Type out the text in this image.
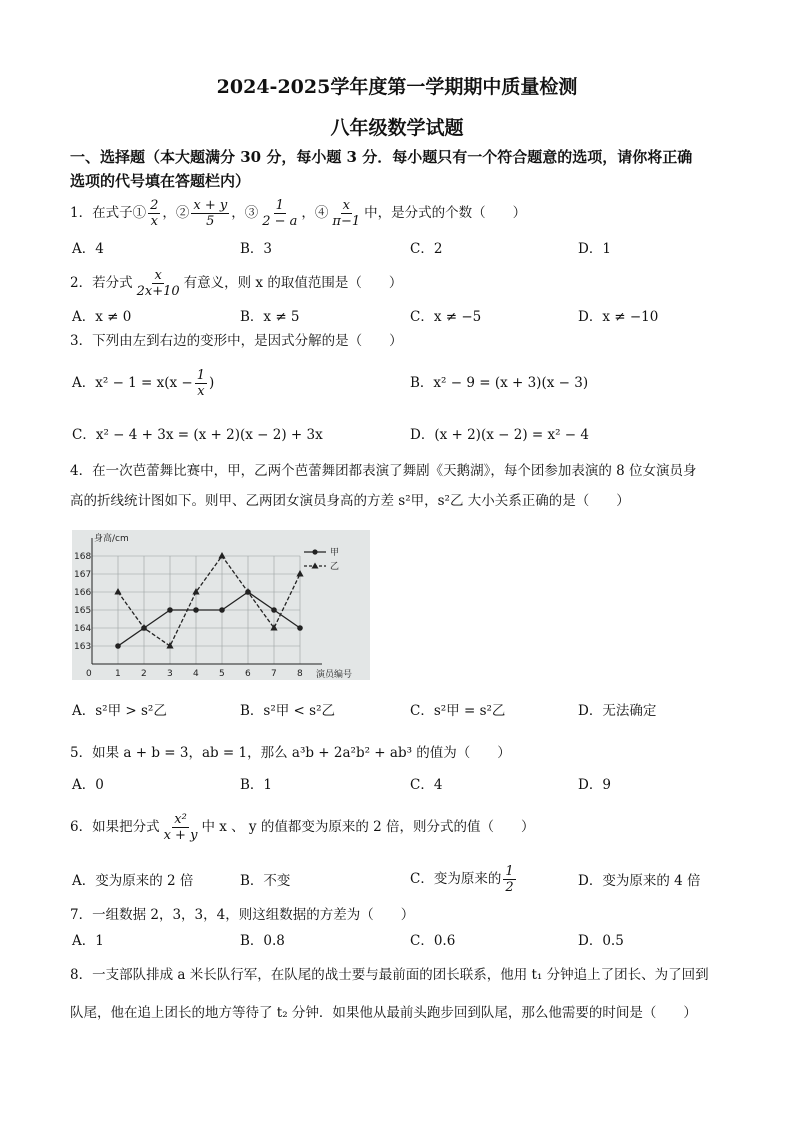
2024-2025学年度第一学期期中质量检测
八年级数学试题
一、选择题（本大题满分 30 分，每小题 3 分．每小题只有一个符合题意的选项，请你将正确
选项的代号填在答题栏内）
1．在式子① $\frac{2}{x}$ ，② $\frac{x + y}{5}$ ，③ $\frac{1}{2 - a}$ ，④ $\frac{x}{\pi-1}$ 中，是分式的个数（　　）
A．4	B．3	C．2	D．1
2．若分式 $\frac{x}{2x+10}$ 有意义，则 x 的取值范围是（　　）
A．x ≠ 0	B．x ≠ 5	C．x ≠ −5	D．x ≠ −10
3．下列由左到右边的变形中，是因式分解的是（　　）
A．$x^2 - 1 = x(x - \frac{1}{x}$ )	B．x² − 9 = (x + 3)(x − 3)
C．x² − 4 + 3x = (x + 2)(x − 2) + 3x	D．(x + 2)(x − 2) = x² − 4
4．在一次芭蕾舞比赛中，甲，乙两个芭蕾舞团都表演了舞剧《天鹅湖》，每个团参加表演的 8 位女演员身
高的折线统计图如下。则甲、乙两团女演员身高的方差 s²甲，s²乙 大小关系正确的是（　　）
163
164
165
166
167
168
0	1 2 3 4 5 6 7 8
身高/cm
演员编号
甲
乙
A．s²甲 > s²乙	B．s²甲 < s²乙	C．s²甲 = s²乙	D．无法确定
5．如果 a + b = 3，ab = 1，那么 a³b + 2a²b² + ab³ 的值为（　　）
A．0	B．1	C．4	D．9
6．如果把分式 $\frac{\text{x²}}{x + y}$ 中 x 、 y 的值都变为原来的 2 倍，则分式的值（　　）
A．变为原来的 2 倍	B．不变	C．变为原来的 $\frac{1}{2}$	D．变为原来的 4 倍
7．一组数据 2，3，3，4，则这组数据的方差为（　　）
A．1	B．0.8	C．0.6	D．0.5
8．一支部队排成 a 米长队行军，在队尾的战士要与最前面的团长联系，他用 t₁ 分钟追上了团长、为了回到
队尾，他在追上团长的地方等待了 t₂ 分钟．如果他从最前头跑步回到队尾，那么他需要的时间是（　　）
